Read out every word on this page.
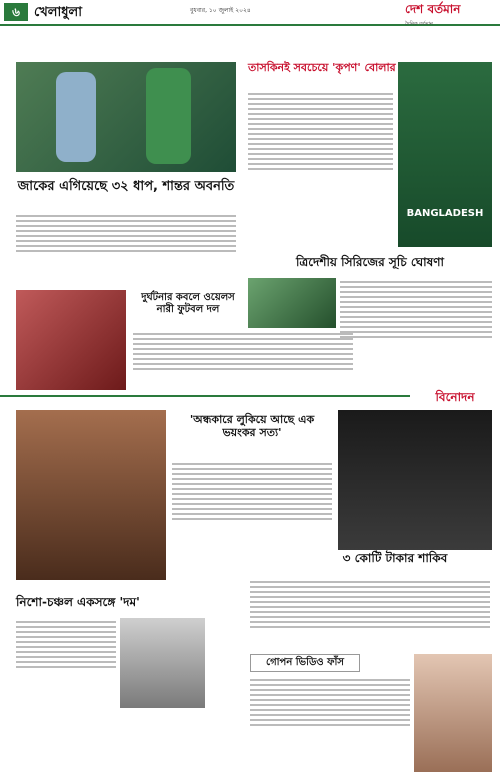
৬	খেলাধুলা	বুধবার, ১০ জুলাই ২০২৪	দেশ বর্তমান
দৈনিক বর্তমান
জাকের এগিয়েছে ৩২ ধাপ, শান্তর অবনতি
দুর্ঘটনার কবলে ওয়েলস নারী ফুটবল দল
তাসকিনই সবচেয়ে 'কৃপণ' বোলার
BANGLADESH
ত্রিদেশীয় সিরিজের সূচি ঘোষণা
বিনোদন
'অন্ধকারে লুকিয়ে আছে এক ভয়ংকর সত্য'
৩ কোটি টাকার শাকিব
নিশো-চঞ্চল একসঙ্গে 'দম'
গোপন ভিডিও ফাঁস
